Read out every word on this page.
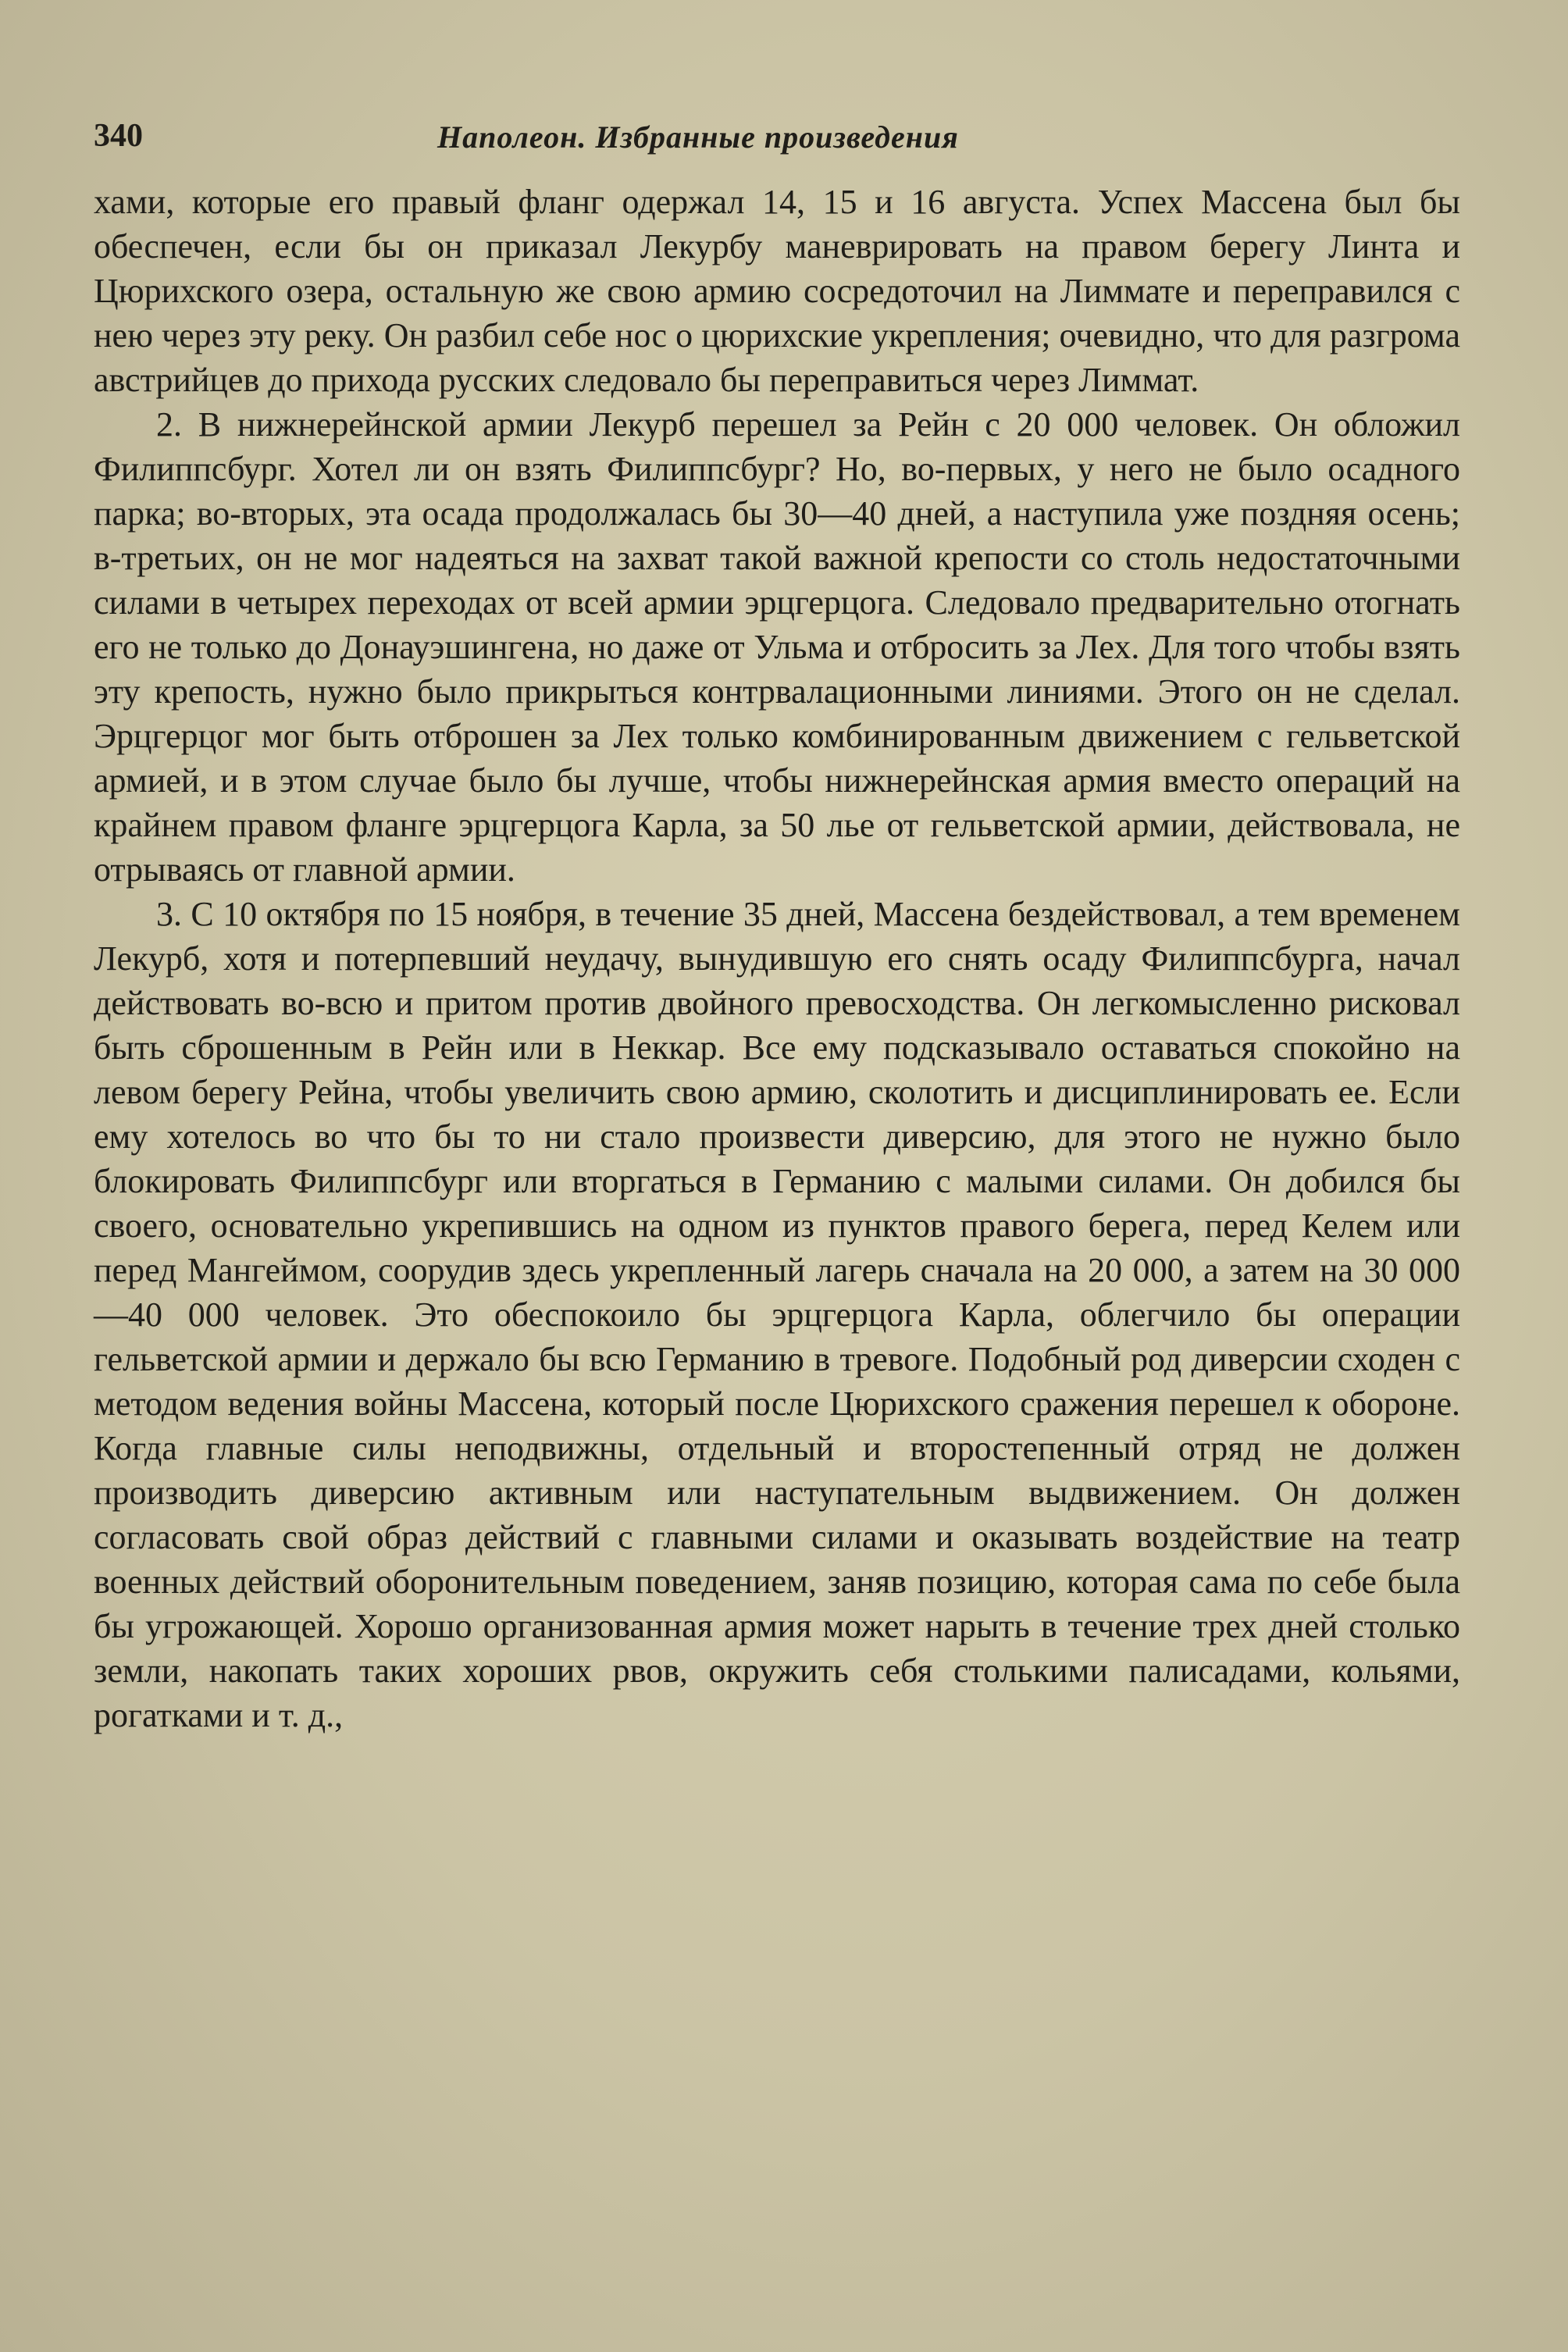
340	Наполеон. Избранные произведения

хами, которые его правый фланг одержал 14, 15 и 16 августа. Успех Массена был бы обеспечен, если бы он приказал Лекурбу маневрировать на правом берегу Линта и Цюрихского озера, остальную же свою армию сосредоточил на Лиммате и переправился с нею через эту реку. Он разбил себе нос о цюрихские укрепления; очевидно, что для разгрома австрийцев до прихода русских следовало бы переправиться через Лиммат.

2. В нижнерейнской армии Лекурб перешел за Рейн с 20 000 человек. Он обложил Филиппсбург. Хотел ли он взять Филиппсбург? Но, во-первых, у него не было осадного парка; во-вторых, эта осада продолжалась бы 30—40 дней, а наступила уже поздняя осень; в-третьих, он не мог надеяться на захват такой важной крепости со столь недостаточными силами в четырех переходах от всей армии эрцгерцога. Следовало предварительно отогнать его не только до Донауэшингена, но даже от Ульма и отбросить за Лех. Для того чтобы взять эту крепость, нужно было прикрыться контрвалационными линиями. Этого он не сделал. Эрцгерцог мог быть отброшен за Лех только комбинированным движением с гельветской армией, и в этом случае было бы лучше, чтобы нижнерейнская армия вместо операций на крайнем правом фланге эрцгерцога Карла, за 50 лье от гельветской армии, действовала, не отрываясь от главной армии.

3. С 10 октября по 15 ноября, в течение 35 дней, Массена бездействовал, а тем временем Лекурб, хотя и потерпевший неудачу, вынудившую его снять осаду Филиппсбурга, начал действовать во-всю и притом против двойного превосходства. Он легкомысленно рисковал быть сброшенным в Рейн или в Неккар. Все ему подсказывало оставаться спокойно на левом берегу Рейна, чтобы увеличить свою армию, сколотить и дисциплинировать ее. Если ему хотелось во что бы то ни стало произвести диверсию, для этого не нужно было блокировать Филиппсбург или вторгаться в Германию с малыми силами. Он добился бы своего, основательно укрепившись на одном из пунктов правого берега, перед Келем или перед Мангеймом, соорудив здесь укрепленный лагерь сначала на 20 000, а затем на 30 000—40 000 человек. Это обеспокоило бы эрцгерцога Карла, облегчило бы операции гельветской армии и держало бы всю Германию в тревоге. Подобный род диверсии сходен с методом ведения войны Массена, который после Цюрихского сражения перешел к обороне. Когда главные силы неподвижны, отдельный и второстепенный отряд не должен производить диверсию активным или наступательным выдвижением. Он должен согласовать свой образ действий с главными силами и оказывать воздействие на театр военных действий оборонительным поведением, заняв позицию, которая сама по себе была бы угрожающей. Хорошо организованная армия может нарыть в течение трех дней столько земли, накопать таких хороших рвов, окружить себя столькими палисадами, кольями, рогатками и т. д.,
